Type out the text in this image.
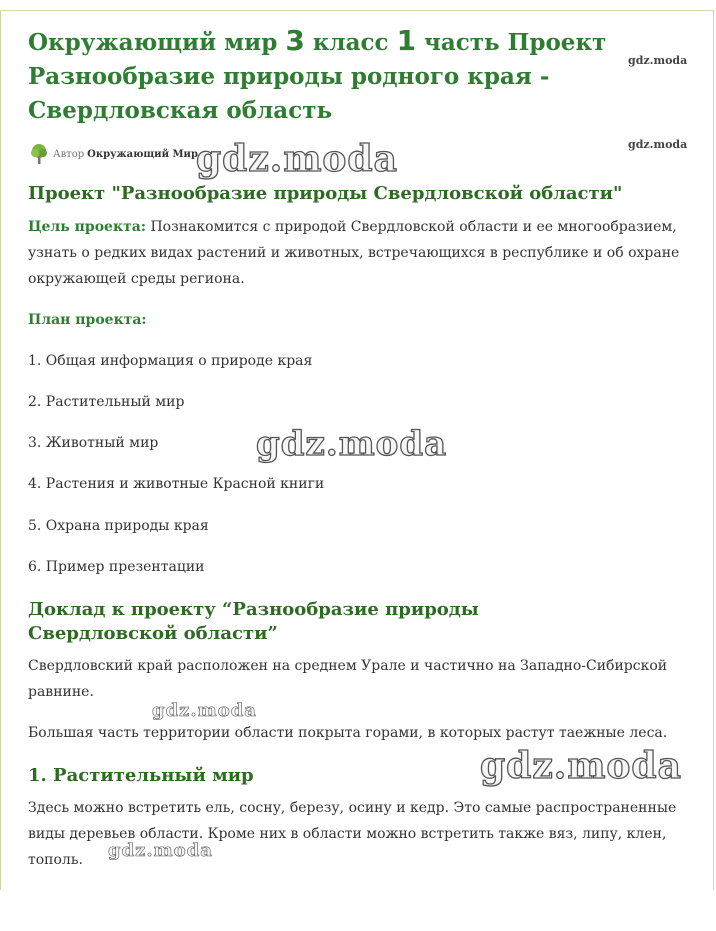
Окружающий мир 3 класс 1 часть Проект Разнообразие природы родного края - Свердловская область
Автор Окружающий Мир
Проект "Разнообразие природы Свердловской области"

Цель проекта: Познакомится с природой Свердловской области и ее многообразием, узнать о редких видах растений и животных, встречающихся в республике и об охране окружающей среды региона.

План проекта:

1. Общая информация о природе края

2. Растительный мир

3. Животный мир

4. Растения и животные Красной книги

5. Охрана природы края

6. Пример презентации

Доклад к проекту “Разнообразие природы Свердловской области”

Свердловский край расположен на среднем Урале и частично на Западно-Сибирской равнине.

Большая часть территории области покрыта горами, в которых растут таежные леса.

1. Растительный мир

Здесь можно встретить ель, сосну, березу, осину и кедр. Это самые распространенные виды деревьев области. Кроме них в области можно встретить также вяз, липу, клен, тополь.

gdz.moda
gdz.moda
gdz.moda
gdz.moda
gdz.moda
gdz.moda
gdz.moda
